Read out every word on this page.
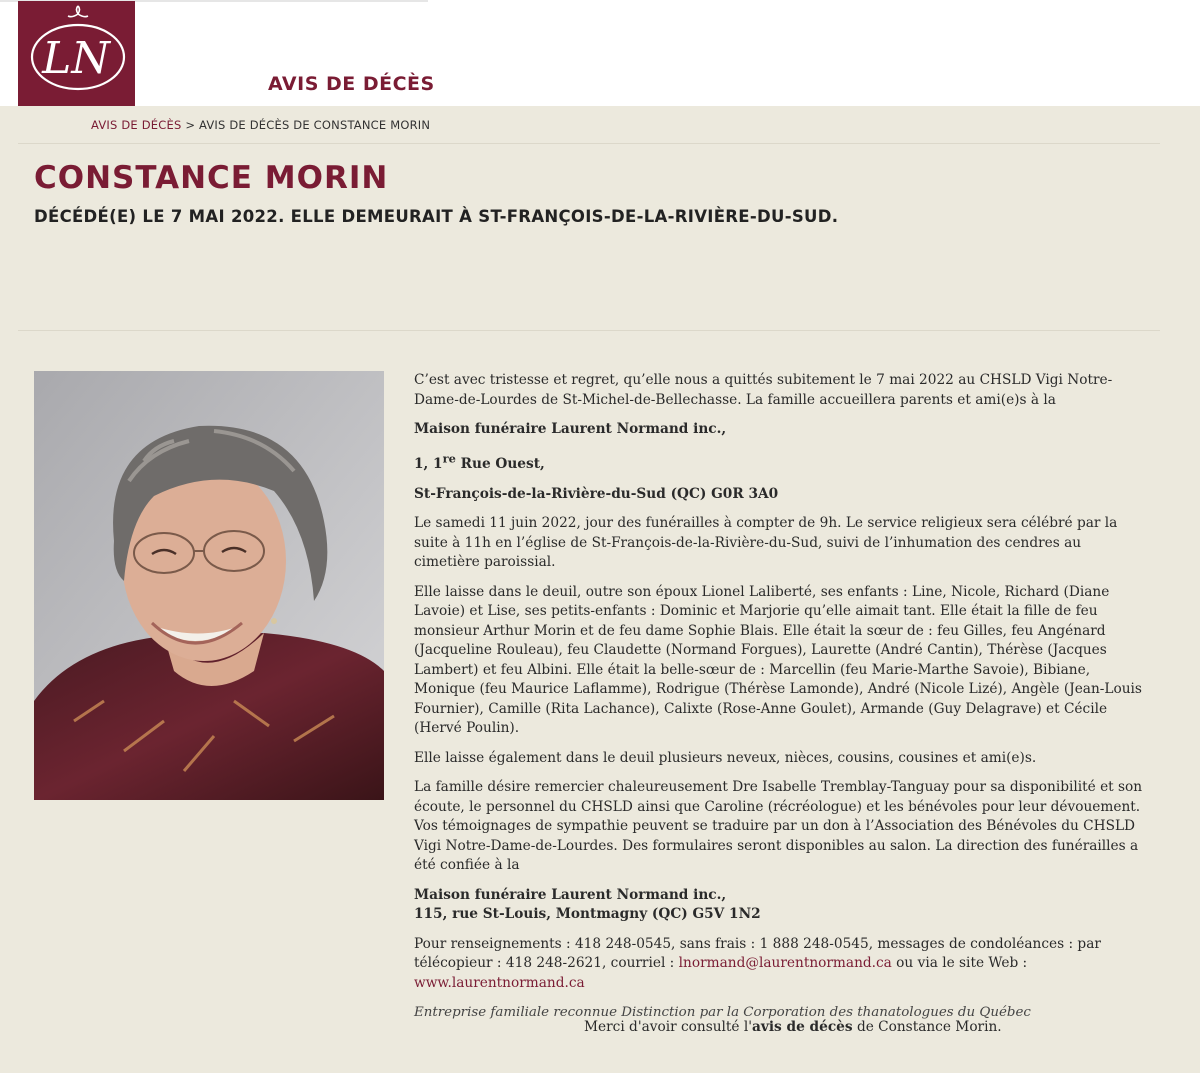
LN	AVIS DE DÉCÈS
AVIS DE DÉCÈS > AVIS DE DÉCÈS DE CONSTANCE MORIN
CONSTANCE MORIN
DÉCÉDÉ(E) LE 7 MAI 2022. ELLE DEMEURAIT À ST-FRANÇOIS-DE-LA-RIVIÈRE-DU-SUD.

C’est avec tristesse et regret, qu’elle nous a quittés subitement le 7 mai 2022 au CHSLD Vigi Notre-Dame-de-Lourdes de St-Michel-de-Bellechasse. La famille accueillera parents et ami(e)s à la

Maison funéraire Laurent Normand inc.,

1, 1re Rue Ouest,

St-François-de-la-Rivière-du-Sud (QC) G0R 3A0

Le samedi 11 juin 2022, jour des funérailles à compter de 9h. Le service religieux sera célébré par la suite à 11h en l’église de St-François-de-la-Rivière-du-Sud, suivi de l’inhumation des cendres au cimetière paroissial.

Elle laisse dans le deuil, outre son époux Lionel Laliberté, ses enfants : Line, Nicole, Richard (Diane Lavoie) et Lise, ses petits-enfants : Dominic et Marjorie qu’elle aimait tant. Elle était la fille de feu monsieur Arthur Morin et de feu dame Sophie Blais. Elle était la sœur de : feu Gilles, feu Angénard (Jacqueline Rouleau), feu Claudette (Normand Forgues), Laurette (André Cantin), Thérèse (Jacques Lambert) et feu Albini. Elle était la belle-sœur de : Marcellin (feu Marie-Marthe Savoie), Bibiane, Monique (feu Maurice Laflamme), Rodrigue (Thérèse Lamonde), André (Nicole Lizé), Angèle (Jean-Louis Fournier), Camille (Rita Lachance), Calixte (Rose-Anne Goulet), Armande (Guy Delagrave) et Cécile (Hervé Poulin).

Elle laisse également dans le deuil plusieurs neveux, nièces, cousins, cousines et ami(e)s.

La famille désire remercier chaleureusement Dre Isabelle Tremblay-Tanguay pour sa disponibilité et son écoute, le personnel du CHSLD ainsi que Caroline (récréologue) et les bénévoles pour leur dévouement. Vos témoignages de sympathie peuvent se traduire par un don à l’Association des Bénévoles du CHSLD Vigi Notre-Dame-de-Lourdes. Des formulaires seront disponibles au salon. La direction des funérailles a été confiée à la

Maison funéraire Laurent Normand inc.,
115, rue St-Louis, Montmagny (QC) G5V 1N2

Pour renseignements : 418 248-0545, sans frais : 1 888 248-0545, messages de condoléances : par télécopieur : 418 248-2621, courriel : lnormand@laurentnormand.ca ou via le site Web : www.laurentnormand.ca

Entreprise familiale reconnue Distinction par la Corporation des thanatologues du Québec

Merci d'avoir consulté l'avis de décès de Constance Morin.
